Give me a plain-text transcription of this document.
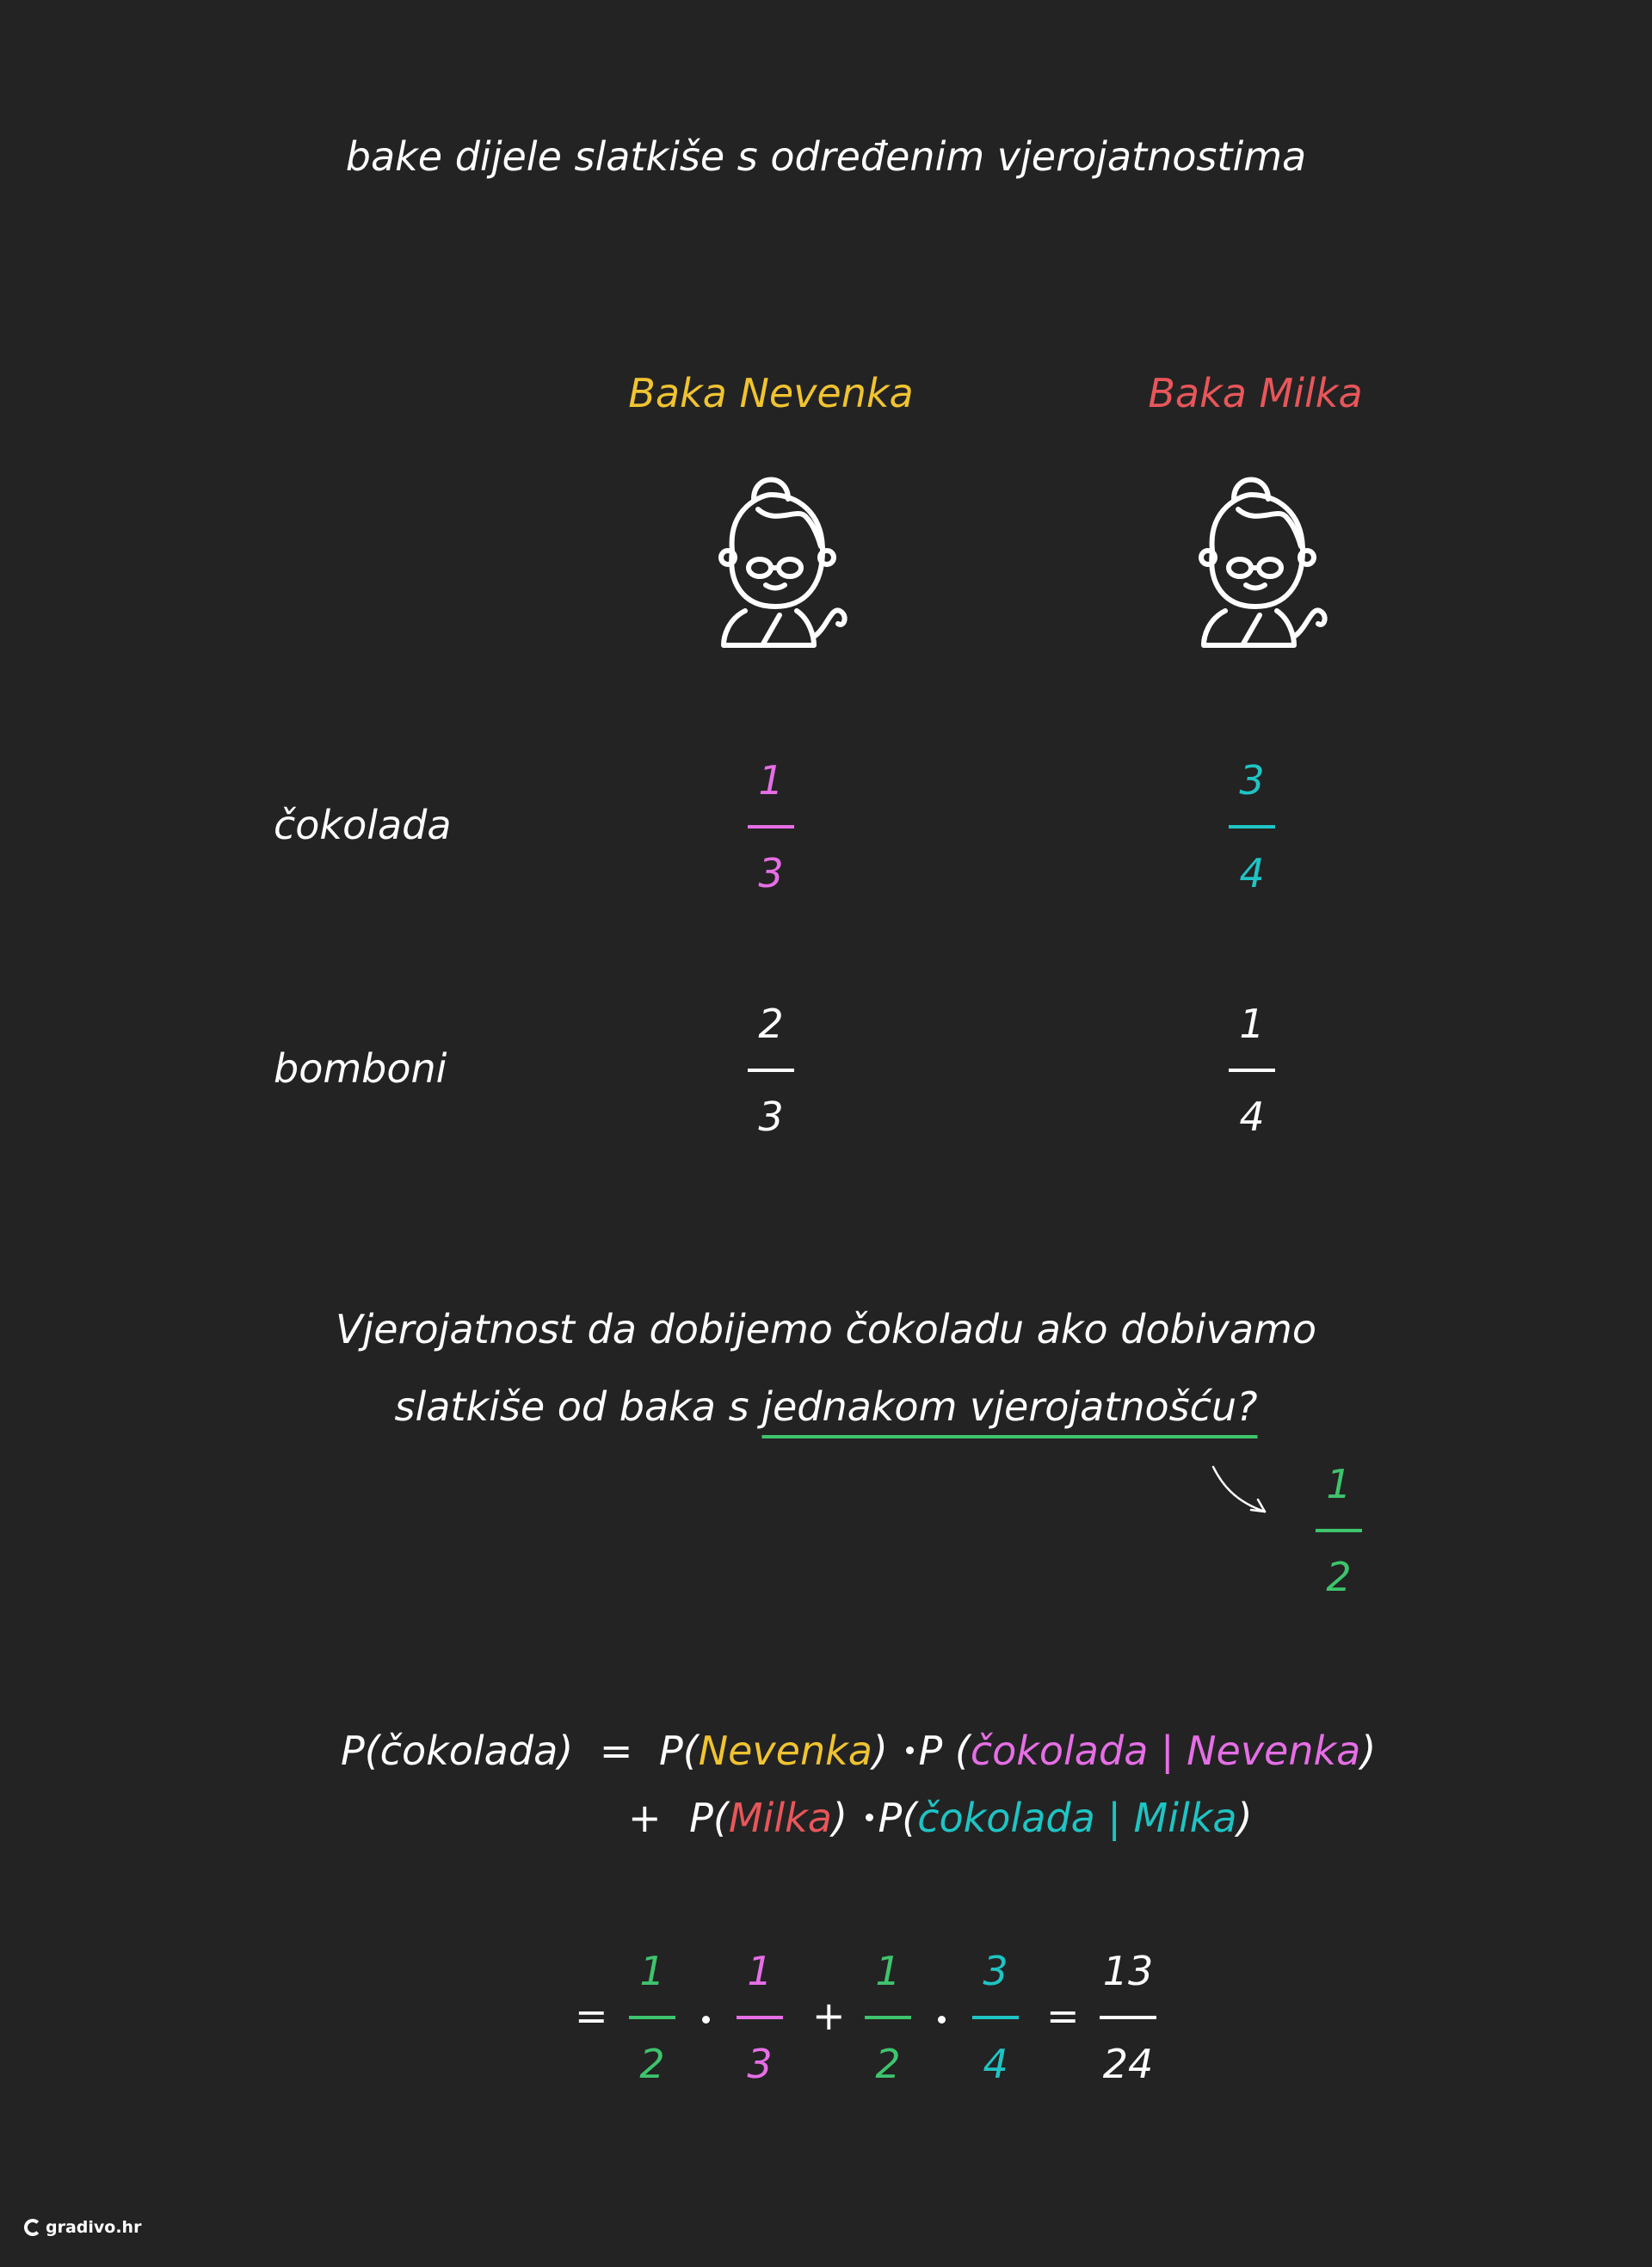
bake dijele slatkiše s određenim vjerojatnostima
Baka Nevenka	Baka Milka
čokolada
bomboni
1
3
3
4
2
3
1
4
Vjerojatnost da dobijemo čokoladu ako dobivamo
slatkiše od baka s jednakom vjerojatnošću?
1
2
P(čokolada) = P(Nevenka) P (čokolada | Nevenka)
+ P(Milka) P(čokolada | Milka)
=
1
2
1
3
+
1
2
3
4
=
13
24
gradivo.hr
